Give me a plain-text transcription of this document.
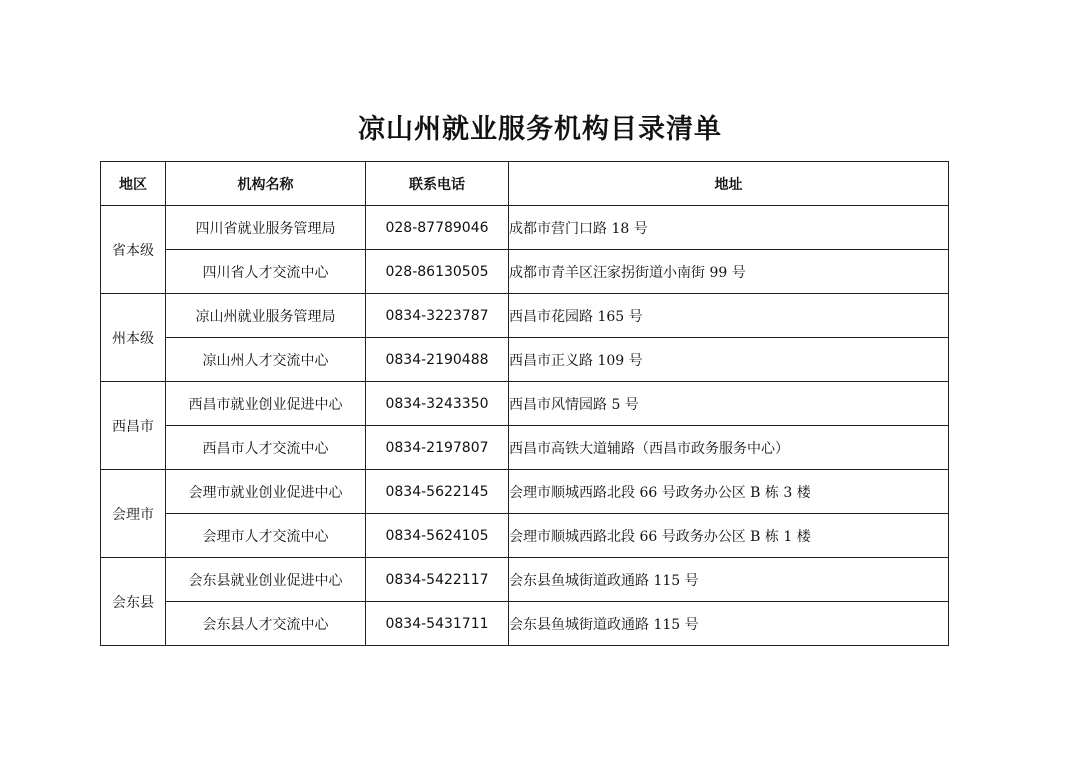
凉山州就业服务机构目录清单
地区	机构名称	联系电话	地址
省本级	四川省就业服务管理局	028-87789046	成都市营门口路 18 号
	四川省人才交流中心	028-86130505	成都市青羊区汪家拐街道小南街 99 号
州本级	凉山州就业服务管理局	0834-3223787	西昌市花园路 165 号
	凉山州人才交流中心	0834-2190488	西昌市正义路 109 号
西昌市	西昌市就业创业促进中心	0834-3243350	西昌市风情园路 5 号
	西昌市人才交流中心	0834-2197807	西昌市高铁大道辅路（西昌市政务服务中心）
会理市	会理市就业创业促进中心	0834-5622145	会理市顺城西路北段 66 号政务办公区 B 栋 3 楼
	会理市人才交流中心	0834-5624105	会理市顺城西路北段 66 号政务办公区 B 栋 1 楼
会东县	会东县就业创业促进中心	0834-5422117	会东县鱼城街道政通路 115 号
	会东县人才交流中心	0834-5431711	会东县鱼城街道政通路 115 号
